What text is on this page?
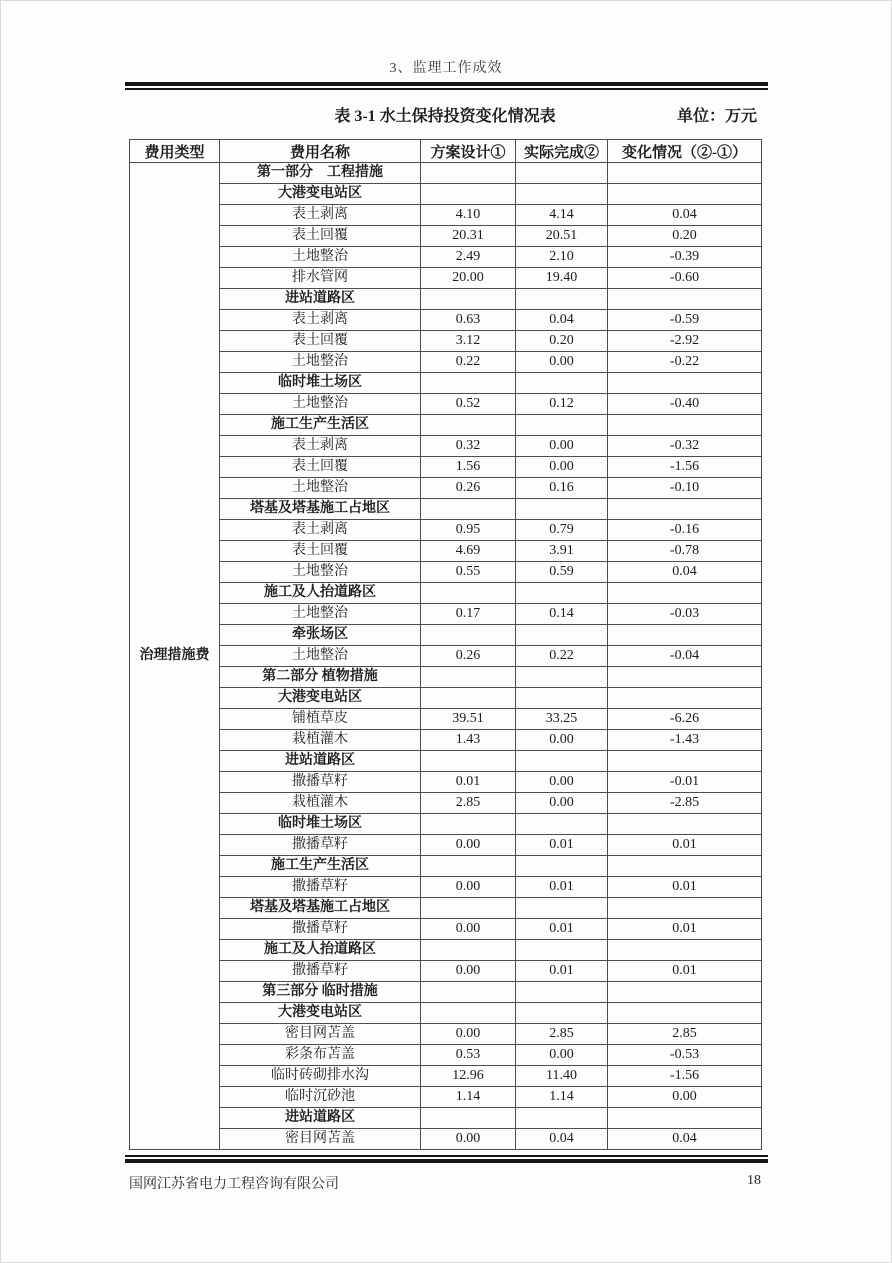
3、监理工作成效
表 3-1 水土保持投资变化情况表	单位：万元
费用类型	费用名称	方案设计①	实际完成②	变化情况（②-①）
治理措施费	第一部分　工程措施			
	大港变电站区			
	表土剥离	4.10	4.14	0.04
	表土回覆	20.31	20.51	0.20
	土地整治	2.49	2.10	-0.39
	排水管网	20.00	19.40	-0.60
	进站道路区			
	表土剥离	0.63	0.04	-0.59
	表土回覆	3.12	0.20	-2.92
	土地整治	0.22	0.00	-0.22
	临时堆土场区			
	土地整治	0.52	0.12	-0.40
	施工生产生活区			
	表土剥离	0.32	0.00	-0.32
	表土回覆	1.56	0.00	-1.56
	土地整治	0.26	0.16	-0.10
	塔基及塔基施工占地区			
	表土剥离	0.95	0.79	-0.16
	表土回覆	4.69	3.91	-0.78
	土地整治	0.55	0.59	0.04
	施工及人抬道路区			
	土地整治	0.17	0.14	-0.03
	牵张场区			
	土地整治	0.26	0.22	-0.04
	第二部分 植物措施			
	大港变电站区			
	铺植草皮	39.51	33.25	-6.26
	栽植灌木	1.43	0.00	-1.43
	进站道路区			
	撒播草籽	0.01	0.00	-0.01
	栽植灌木	2.85	0.00	-2.85
	临时堆土场区			
	撒播草籽	0.00	0.01	0.01
	施工生产生活区			
	撒播草籽	0.00	0.01	0.01
	塔基及塔基施工占地区			
	撒播草籽	0.00	0.01	0.01
	施工及人抬道路区			
	撒播草籽	0.00	0.01	0.01
	第三部分 临时措施			
	大港变电站区			
	密目网苫盖	0.00	2.85	2.85
	彩条布苫盖	0.53	0.00	-0.53
	临时砖砌排水沟	12.96	11.40	-1.56
	临时沉砂池	1.14	1.14	0.00
	进站道路区			
	密目网苫盖	0.00	0.04	0.04
国网江苏省电力工程咨询有限公司	18
